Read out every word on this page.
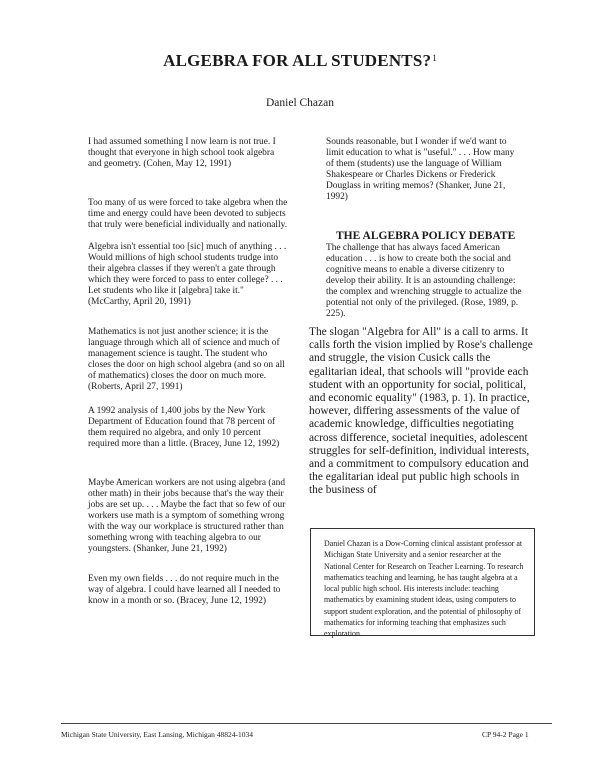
ALGEBRA FOR ALL STUDENTS?$^1$
Daniel Chazan

I had assumed something I now learn is not true. I thought that everyone in high school took algebra and geometry. (Cohen, May 12, 1991)

Too many of us were forced to take algebra when the time and energy could have been devoted to subjects that truly were beneficial individually and nationally.

Algebra isn't essential too [sic] much of anything . . . Would millions of high school students trudge into their algebra classes if they weren't a gate through which they were forced to pass to enter college? . . . Let students who like it [algebra] take it." (McCarthy, April 20, 1991)

Mathematics is not just another science; it is the language through which all of science and much of management science is taught. The student who closes the door on high school algebra (and so on all of mathematics) closes the door on much more. (Roberts, April 27, 1991)

A 1992 analysis of 1,400 jobs by the New York Department of Education found that 78 percent of them required no algebra, and only 10 percent required more than a little. (Bracey, June 12, 1992)

Maybe American workers are not using algebra (and other math) in their jobs because that's the way their jobs are set up. . . . Maybe the fact that so few of our workers use math is a symptom of something wrong with the way our workplace is structured rather than something wrong with teaching algebra to our youngsters. (Shanker, June 21, 1992)

Even my own fields . . . do not require much in the way of algebra. I could have learned all I needed to know in a month or so. (Bracey, June 12, 1992)

Sounds reasonable, but I wonder if we'd want to limit education to what is "useful." . . . How many of them (students) use the language of William Shakespeare or Charles Dickens or Frederick Douglass in writing memos? (Shanker, June 21, 1992)

THE ALGEBRA POLICY DEBATE

The challenge that has always faced American education . . . is how to create both the social and cognitive means to enable a diverse citizenry to develop their ability. It is an astounding challenge: the complex and wrenching struggle to actualize the potential not only of the privileged. (Rose, 1989, p. 225).

The slogan "Algebra for All" is a call to arms. It calls forth the vision implied by Rose's challenge and struggle, the vision Cusick calls the egalitarian ideal, that schools will "provide each student with an opportunity for social, political, and economic equality" (1983, p. 1). In practice, however, differing assessments of the value of academic knowledge, difficulties negotiating across difference, societal inequities, adolescent struggles for self-definition, individual interests, and a commitment to compulsory education and the egalitarian ideal put public high schools in the business of

Daniel Chazan is a Dow-Corning clinical assistant professor at Michigan State University and a senior researcher at the National Center for Research on Teacher Learning. To research mathematics teaching and learning, he has taught algebra at a local public high school. His interests include: teaching mathematics by examining student ideas, using computers to support student exploration, and the potential of philosophy of mathematics for informing teaching that emphasizes such exploration.
Michigan State University, East Lansing, Michigan 48824-1034	CP 94-2 Page 1
